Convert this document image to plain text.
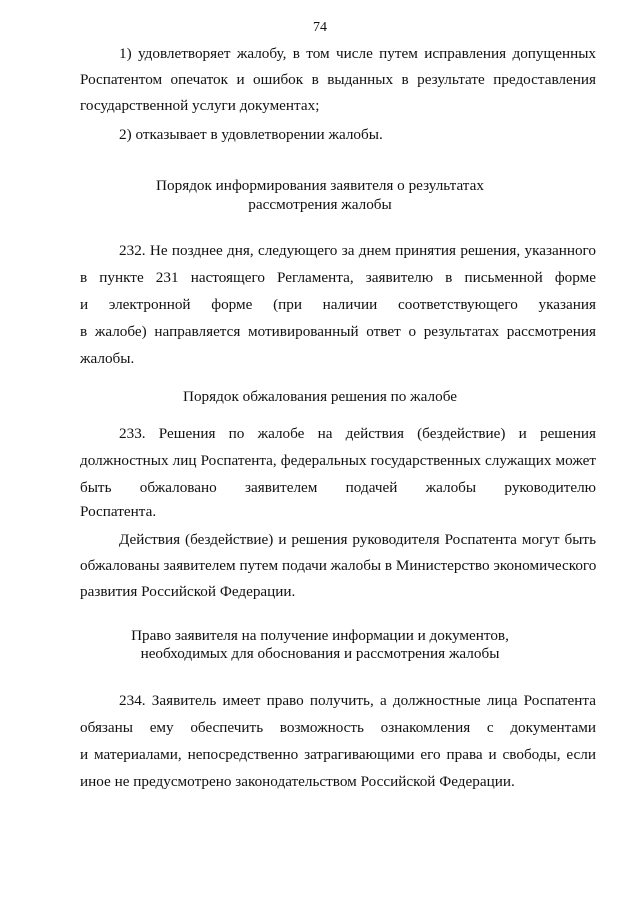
74
1) удовлетворяет жалобу, в том числе путем исправления допущенных
Роспатентом опечаток и ошибок в выданных в результате предоставления
государственной услуги документах;
2) отказывает в удовлетворении жалобы.
Порядок информирования заявителя о результатах
рассмотрения жалобы
232. Не позднее дня, следующего за днем принятия решения, указанного
в пункте 231 настоящего Регламента, заявителю в письменной форме
и электронной форме (при наличии соответствующего указания
в жалобе) направляется мотивированный ответ о результатах рассмотрения
жалобы.
Порядок обжалования решения по жалобе
233. Решения по жалобе на действия (бездействие) и решения
должностных лиц Роспатента, федеральных государственных служащих может
быть обжаловано заявителем подачей жалобы руководителю
Роспатента.
Действия (бездействие) и решения руководителя Роспатента могут быть
обжалованы заявителем путем подачи жалобы в Министерство экономического
развития Российской Федерации.
Право заявителя на получение информации и документов,
необходимых для обоснования и рассмотрения жалобы
234. Заявитель имеет право получить, а должностные лица Роспатента
обязаны ему обеспечить возможность ознакомления с документами
и материалами, непосредственно затрагивающими его права и свободы, если
иное не предусмотрено законодательством Российской Федерации.
